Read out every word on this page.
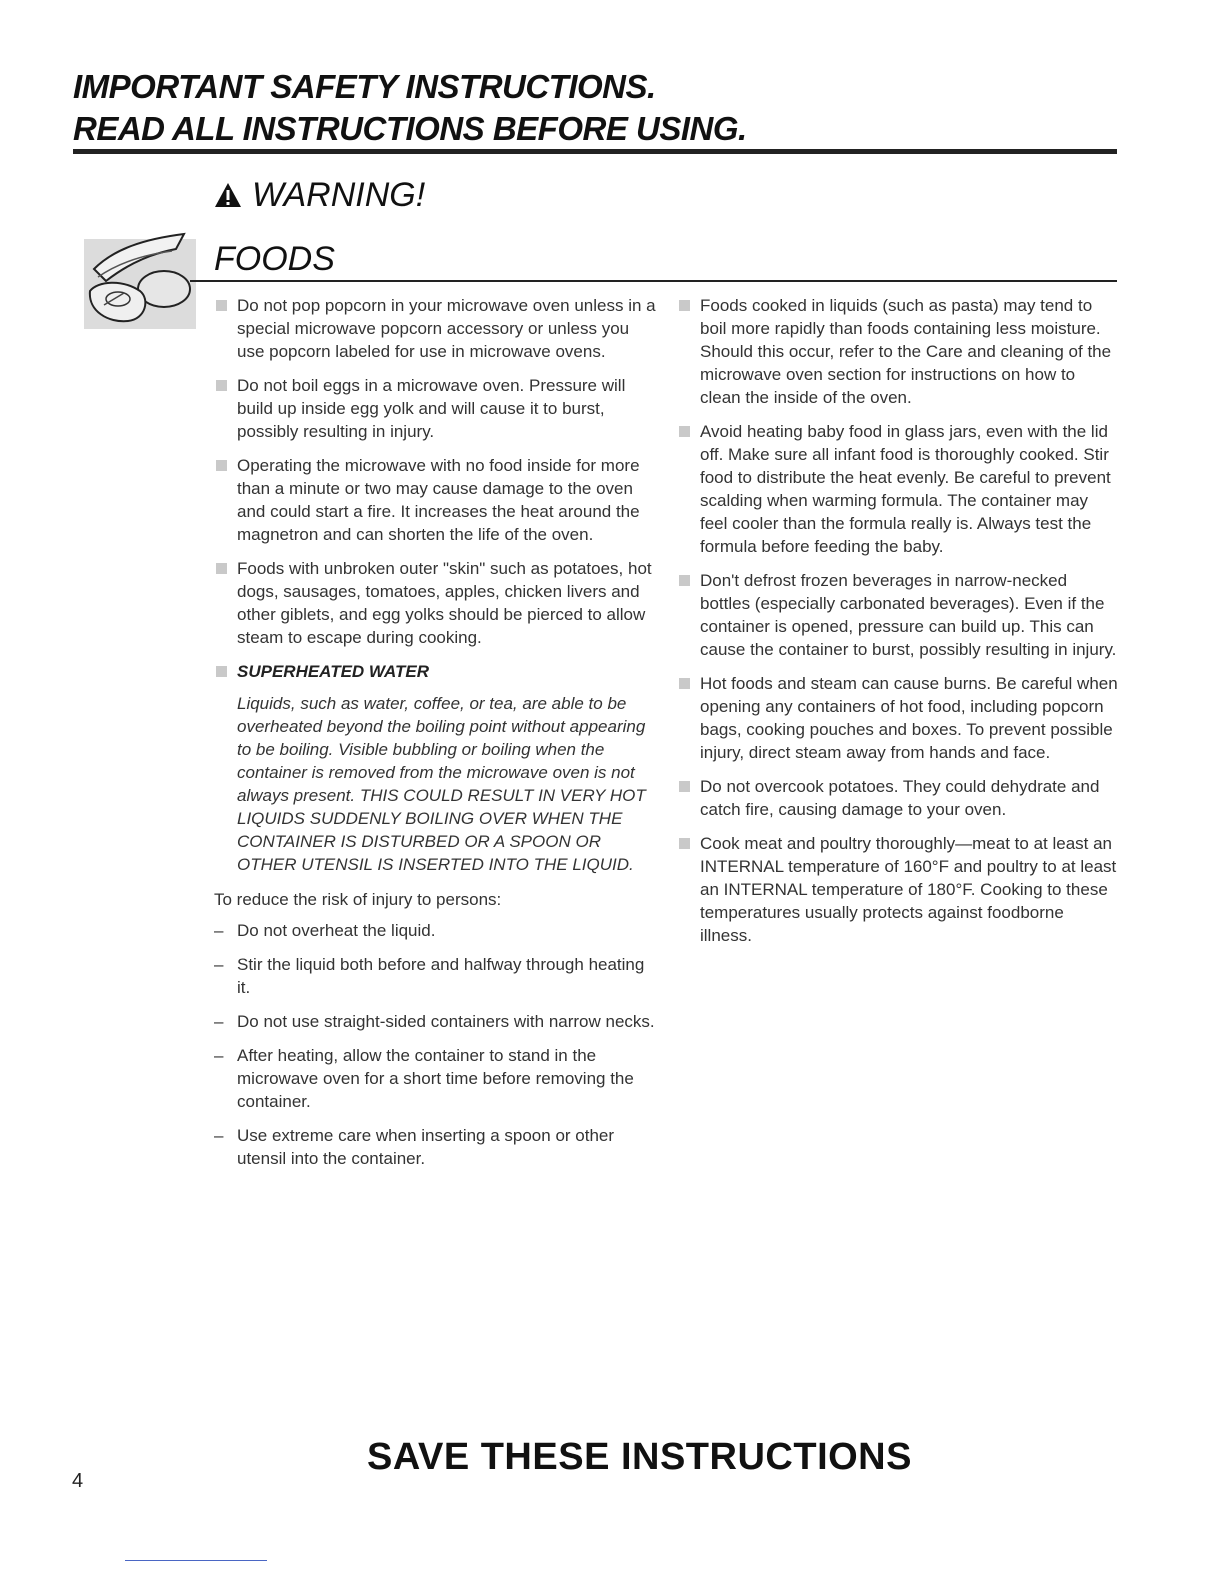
IMPORTANT SAFETY INSTRUCTIONS.
READ ALL INSTRUCTIONS BEFORE USING.
WARNING!
FOODS
Do not pop popcorn in your microwave oven unless in a special microwave popcorn accessory or unless you use popcorn labeled for use in microwave ovens.
Do not boil eggs in a microwave oven. Pressure will build up inside egg yolk and will cause it to burst, possibly resulting in injury.
Operating the microwave with no food inside for more than a minute or two may cause damage to the oven and could start a fire. It increases the heat around the magnetron and can shorten the life of the oven.
Foods with unbroken outer "skin" such as potatoes, hot dogs, sausages, tomatoes, apples, chicken livers and other giblets, and egg yolks should be pierced to allow steam to escape during cooking.
SUPERHEATED WATER
Liquids, such as water, coffee, or tea, are able to be overheated beyond the boiling point without appearing to be boiling. Visible bubbling or boiling when the container is removed from the microwave oven is not always present. THIS COULD RESULT IN VERY HOT LIQUIDS SUDDENLY BOILING OVER WHEN THE CONTAINER IS DISTURBED OR A SPOON OR OTHER UTENSIL IS INSERTED INTO THE LIQUID.
To reduce the risk of injury to persons:
– Do not overheat the liquid.
– Stir the liquid both before and halfway through heating it.
– Do not use straight-sided containers with narrow necks.
– After heating, allow the container to stand in the microwave oven for a short time before removing the container.
– Use extreme care when inserting a spoon or other utensil into the container.
Foods cooked in liquids (such as pasta) may tend to boil more rapidly than foods containing less moisture. Should this occur, refer to the Care and cleaning of the microwave oven section for instructions on how to clean the inside of the oven.
Avoid heating baby food in glass jars, even with the lid off. Make sure all infant food is thoroughly cooked. Stir food to distribute the heat evenly. Be careful to prevent scalding when warming formula. The container may feel cooler than the formula really is. Always test the formula before feeding the baby.
Don't defrost frozen beverages in narrow-necked bottles (especially carbonated beverages). Even if the container is opened, pressure can build up. This can cause the container to burst, possibly resulting in injury.
Hot foods and steam can cause burns. Be careful when opening any containers of hot food, including popcorn bags, cooking pouches and boxes. To prevent possible injury, direct steam away from hands and face.
Do not overcook potatoes. They could dehydrate and catch fire, causing damage to your oven.
Cook meat and poultry thoroughly—meat to at least an INTERNAL temperature of 160°F and poultry to at least an INTERNAL temperature of 180°F. Cooking to these temperatures usually protects against foodborne illness.
SAVE THESE INSTRUCTIONS
4
